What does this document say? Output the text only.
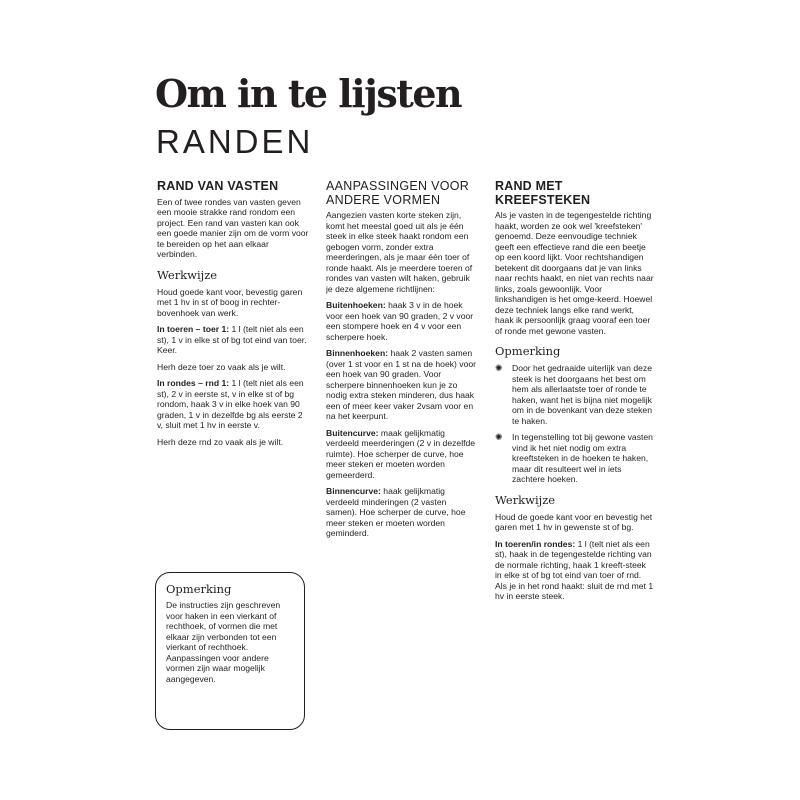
Om in te lijsten
RANDEN
RAND VAN VASTEN

Een of twee rondes van vasten geven een mooie strakke rand rondom een project. Een rand van vasten kan ook een goede manier zijn om de vorm voor te bereiden op het aan elkaar verbinden.

Werkwijze

Houd goede kant voor, bevestig garen met 1 hv in st of boog in rechter-bovenhoek van werk.

In toeren – toer 1: 1 l (telt niet als een st), 1 v in elke st of bg tot eind van toer. Keer.

Herh deze toer zo vaak als je wilt.

In rondes – rnd 1: 1 l (telt niet als een st), 2 v in eerste st, v in elke st of bg rondom, haak 3 v in elke hoek van 90 graden, 1 v in dezelfde bg als eerste 2 v, sluit met 1 hv in eerste v.

Herh deze rnd zo vaak als je wilt.

Opmerking

De instructies zijn geschreven voor haken in een vierkant of rechthoek, of vormen die met elkaar zijn verbonden tot een vierkant of rechthoek. Aanpassingen voor andere vormen zijn waar mogelijk aangegeven.

AANPASSINGEN VOOR ANDERE VORMEN

Aangezien vasten korte steken zijn, komt het meestal goed uit als je één steek in elke steek haakt rondom een gebogen vorm, zonder extra meerderingen, als je maar één toer of ronde haakt. Als je meerdere toeren of rondes van vasten wilt haken, gebruik je deze algemene richtlijnen:

Buitenhoeken: haak 3 v in de hoek voor een hoek van 90 graden, 2 v voor een stompere hoek en 4 v voor een scherpere hoek.

Binnenhoeken: haak 2 vasten samen (over 1 st voor en 1 st na de hoek) voor een hoek van 90 graden. Voor scherpere binnenhoeken kun je zo nodig extra steken minderen, dus haak een of meer keer vaker 2vsam voor en na het keerpunt.

Buitencurve: maak gelijkmatig verdeeld meerderingen (2 v in dezelfde ruimte). Hoe scherper de curve, hoe meer steken er moeten worden gemeerderd.

Binnencurve: haak gelijkmatig verdeeld minderingen (2 vasten samen). Hoe scherper de curve, hoe meer steken er moeten worden geminderd.

RAND MET KREEFSTEKEN

Als je vasten in de tegengestelde richting haakt, worden ze ook wel 'kreefsteken' genoemd. Deze eenvoudige techniek geeft een effectieve rand die een beetje op een koord lijkt. Voor rechtshandigen betekent dit doorgaans dat je van links naar rechts haakt, en niet van rechts naar links, zoals gewoonlijk. Voor linkshandigen is het omge-keerd. Hoewel deze techniek langs elke rand werkt, haak ik persoonlijk graag vooraf een toer of ronde met gewone vasten.

Opmerking
✺ Door het gedraaide uiterlijk van deze steek is het doorgaans het best om hem als allerlaatste toer of ronde te haken, want het is bijna niet mogelijk om in de bovenkant van deze steken te haken.
✺ In tegenstelling tot bij gewone vasten vind ik het niet nodig om extra kreeftsteken in de hoeken te haken, maar dit resulteert wel in iets zachtere hoeken.
Werkwijze

Houd de goede kant voor en bevestig het garen met 1 hv in gewenste st of bg.

In toeren/in rondes: 1 l (telt niet als een st), haak in de tegengestelde richting van de normale richting, haak 1 kreeft-steek in elke st of bg tot eind van toer of rnd. Als je in het rond haakt: sluit de rnd met 1 hv in eerste steek.
